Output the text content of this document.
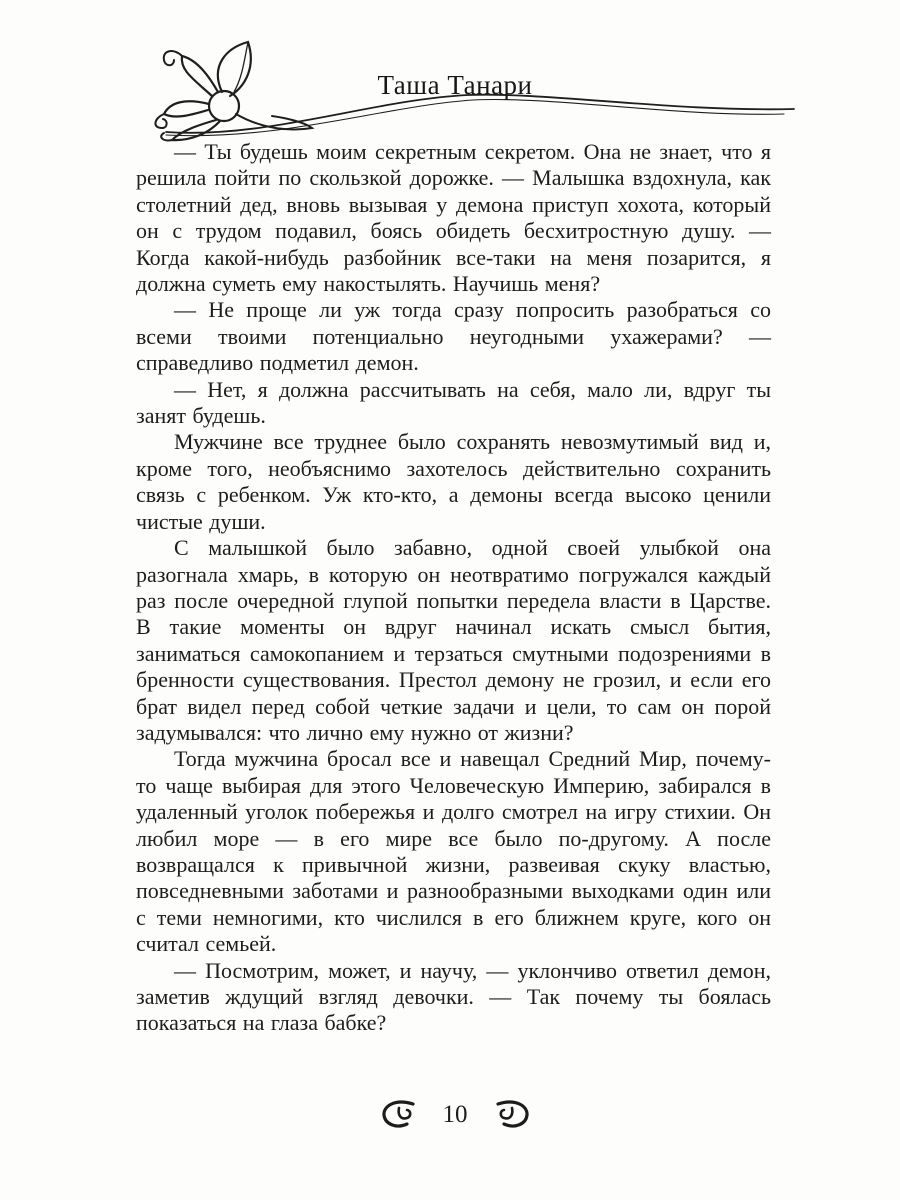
Таша Танари

— Ты будешь моим секретным секретом. Она не знает, что я решила пойти по скользкой дорожке. — Малышка вздохнула, как столетний дед, вновь вызывая у демона приступ хохота, который он с трудом подавил, боясь обидеть бесхитростную душу. — Когда какой-нибудь разбойник все-таки на меня позарится, я должна суметь ему накостылять. Научишь меня?

— Не проще ли уж тогда сразу попросить разобраться со всеми твоими потенциально неугодными ухажерами? — справедливо подметил демон.

— Нет, я должна рассчитывать на себя, мало ли, вдруг ты занят будешь.

Мужчине все труднее было сохранять невозмутимый вид и, кроме того, необъяснимо захотелось действительно сохранить связь с ребенком. Уж кто-кто, а демоны всегда высоко ценили чистые души.

С малышкой было забавно, одной своей улыбкой она разогнала хмарь, в которую он неотвратимо погружался каждый раз после очередной глупой попытки передела власти в Царстве. В такие моменты он вдруг начинал искать смысл бытия, заниматься самокопанием и терзаться смутными подозрениями в бренности существования. Престол демону не грозил, и если его брат видел перед собой четкие задачи и цели, то сам он порой задумывался: что лично ему нужно от жизни?

Тогда мужчина бросал все и навещал Средний Мир, почему-то чаще выбирая для этого Человеческую Империю, забирался в удаленный уголок побережья и долго смотрел на игру стихии. Он любил море — в его мире все было по-другому. А после возвращался к привычной жизни, развеивая скуку властью, повседневными заботами и разнообразными выходками один или с теми немногими, кто числился в его ближнем круге, кого он считал семьей.

— Посмотрим, может, и научу, — уклончиво ответил демон, заметив ждущий взгляд девочки. — Так почему ты боялась показаться на глаза бабке?

10
